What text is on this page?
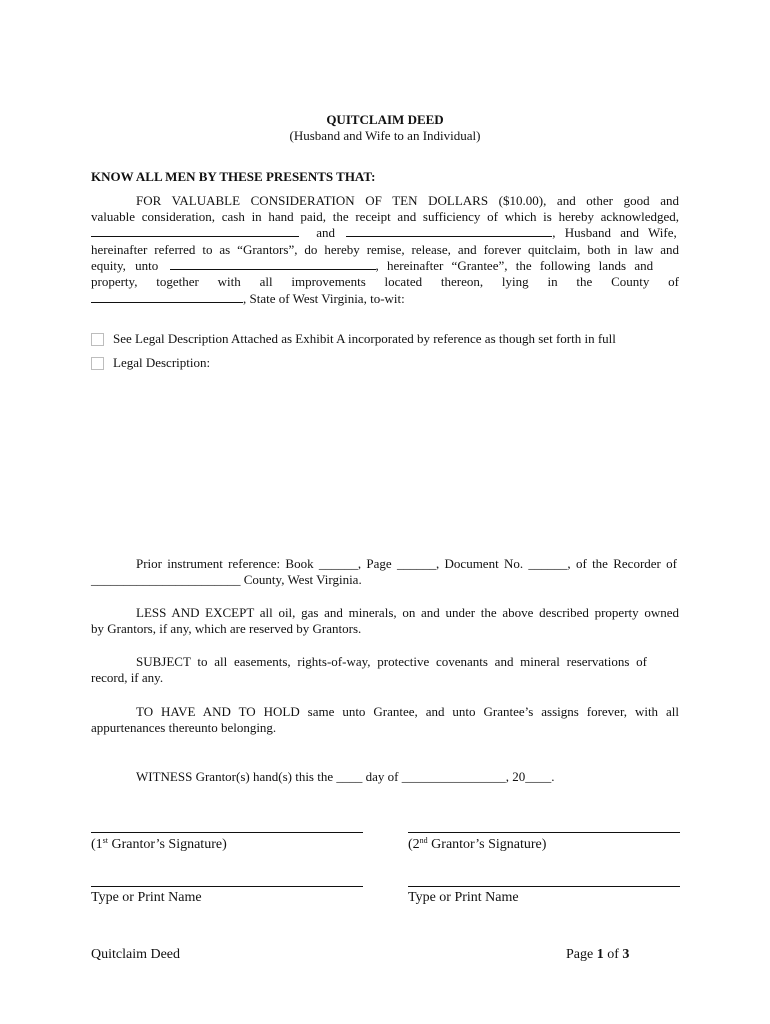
QUITCLAIM DEED
(Husband and Wife to an Individual)
KNOW ALL MEN BY THESE PRESENTS THAT:
FOR VALUABLE CONSIDERATION OF TEN DOLLARS ($10.00), and other good and
valuable consideration, cash in hand paid, the receipt and sufficiency of which is hereby acknowledged,
and	, Husband and Wife,
hereinafter referred to as “Grantors”, do hereby remise, release, and forever quitclaim, both in law and
equity, unto	, hereinafter “Grantee”, the following lands and
property, together with all improvements located thereon, lying in the County of
, State of West Virginia, to-wit:
See Legal Description Attached as Exhibit A incorporated by reference as though set forth in full
Legal Description:
Prior instrument reference: Book ______, Page ______, Document No. ______, of the Recorder of
_______________________ County, West Virginia.
LESS AND EXCEPT all oil, gas and minerals, on and under the above described property owned
by Grantors, if any, which are reserved by Grantors.
SUBJECT to all easements, rights-of-way, protective covenants and mineral reservations of
record, if any.
TO HAVE AND TO HOLD same unto Grantee, and unto Grantee’s assigns forever, with all
appurtenances thereunto belonging.
WITNESS Grantor(s) hand(s) this the ____ day of ________________, 20____.
(1st Grantor’s Signature)	(2nd Grantor’s Signature)
Type or Print Name	Type or Print Name
Quitclaim Deed	Page 1 of 3
